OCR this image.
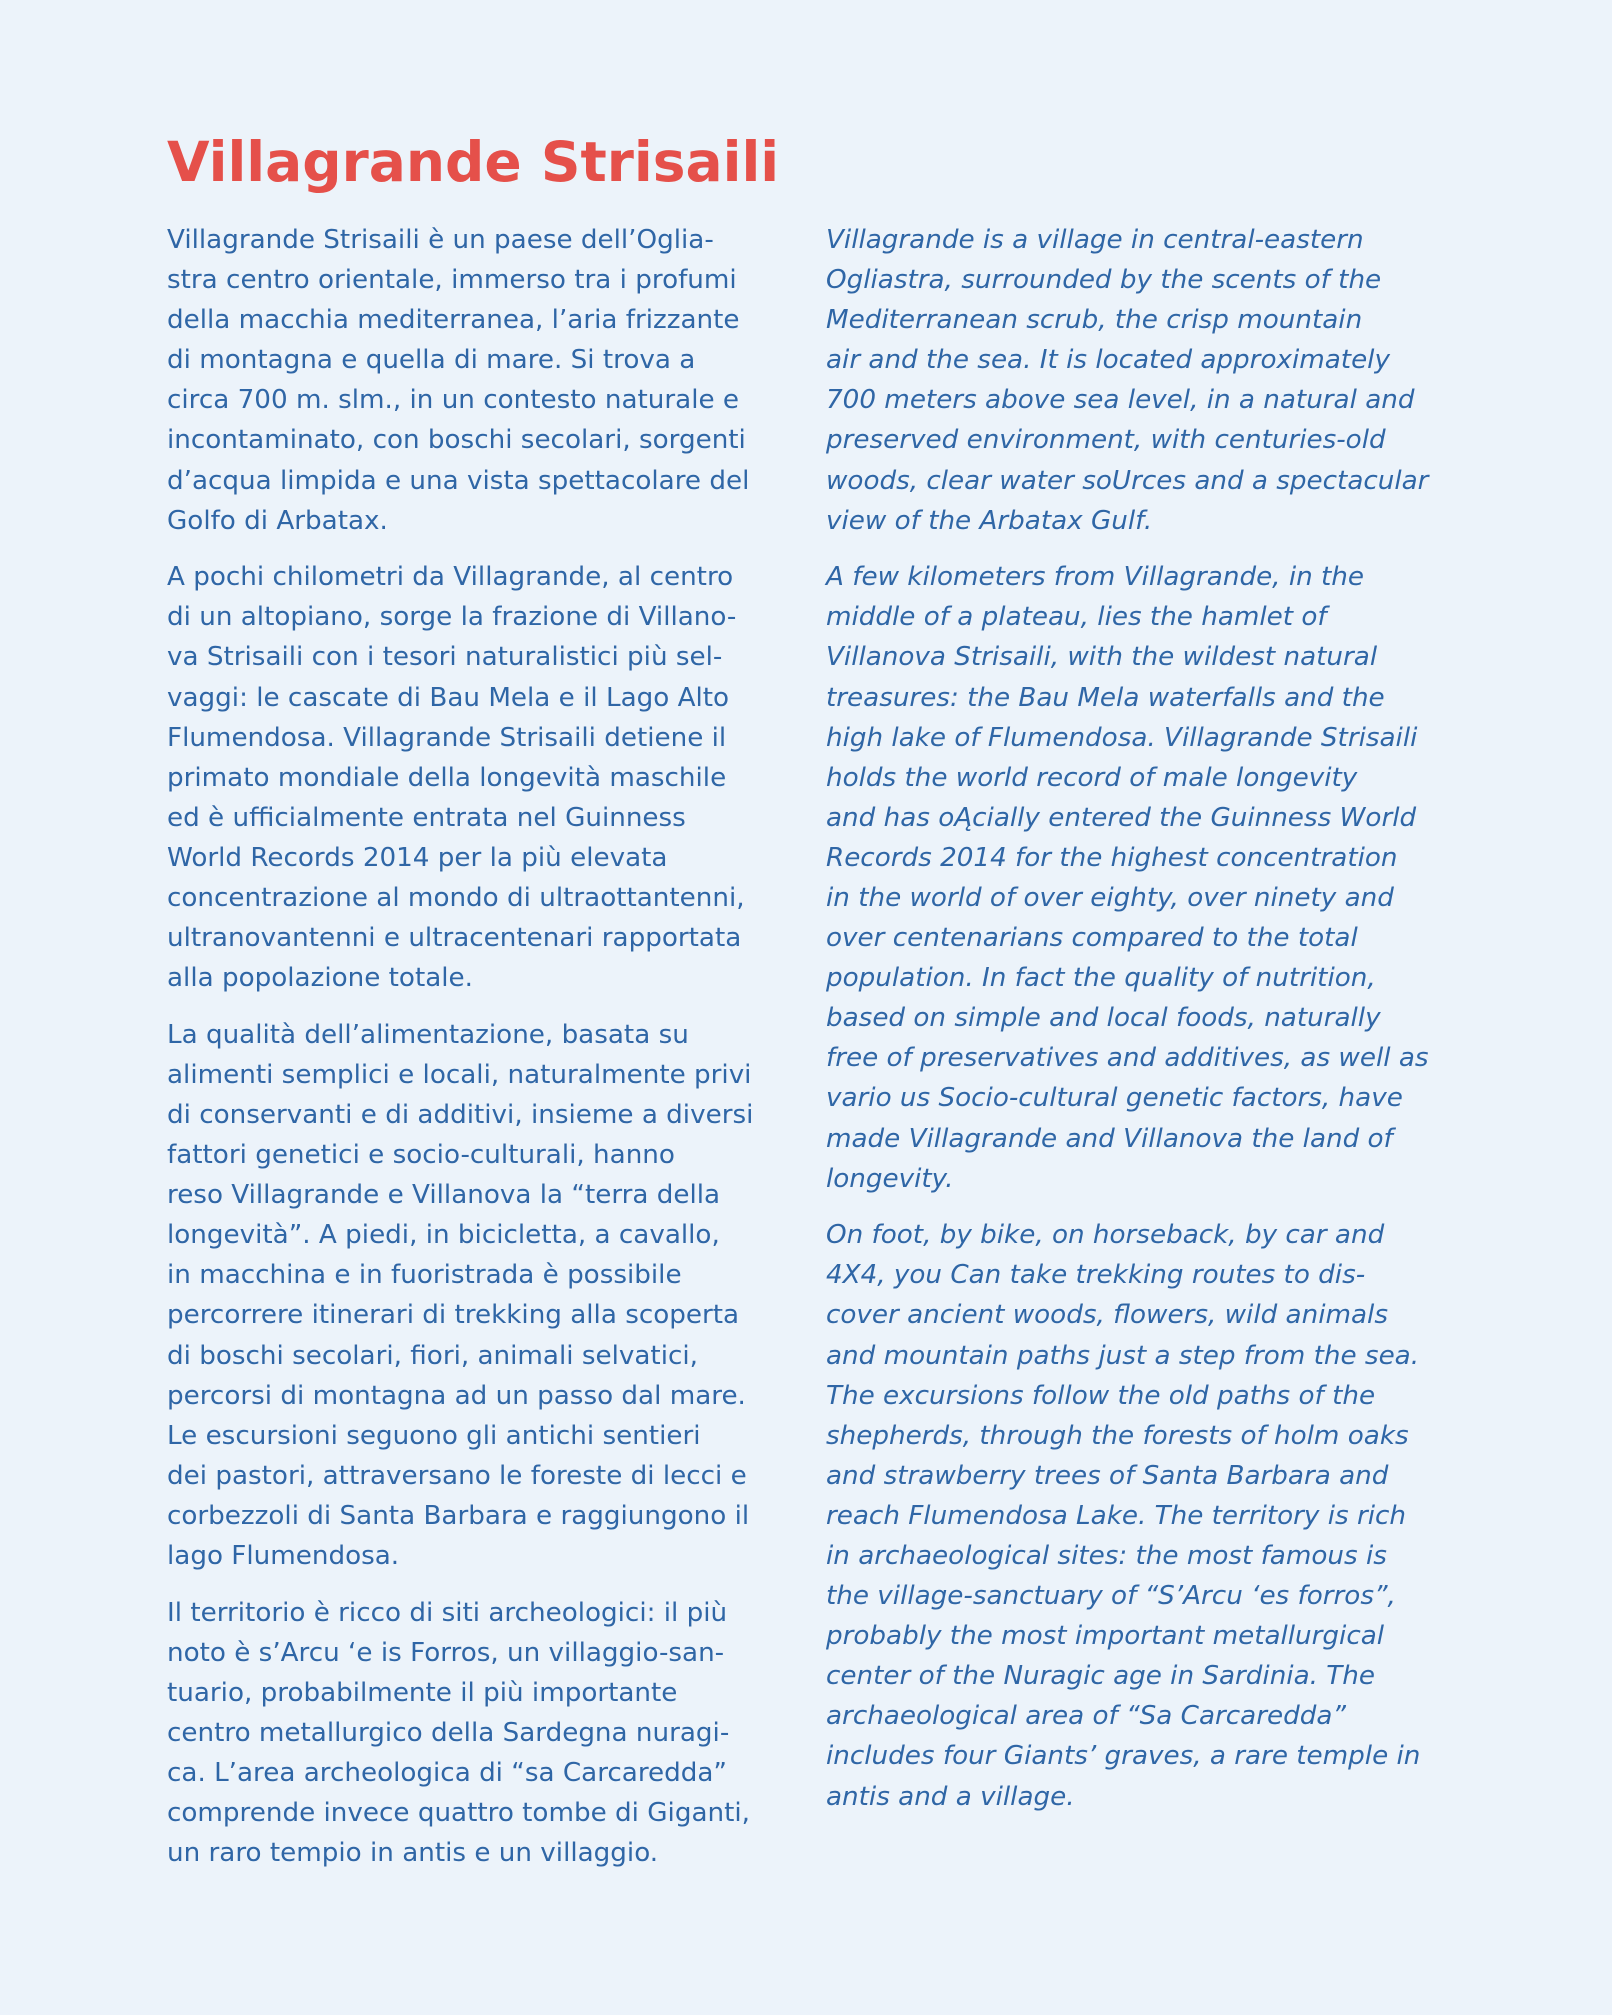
Villagrande Strisaili

Villagrande Strisaili è un paese dell’Oglia-
stra centro orientale, immerso tra i profumi
della macchia mediterranea, l’aria frizzante
di montagna e quella di mare. Si trova a
circa 700 m. slm., in un contesto naturale e
incontaminato, con boschi secolari, sorgenti
d’acqua limpida e una vista spettacolare del
Golfo di Arbatax.

A pochi chilometri da Villagrande, al centro
di un altopiano, sorge la frazione di Villano-
va Strisaili con i tesori naturalistici più sel-
vaggi: le cascate di Bau Mela e il Lago Alto
Flumendosa. Villagrande Strisaili detiene il
primato mondiale della longevità maschile
ed è ufficialmente entrata nel Guinness
World Records 2014 per la più elevata
concentrazione al mondo di ultraottantenni,
ultranovantenni e ultracentenari rapportata
alla popolazione totale.

La qualità dell’alimentazione, basata su
alimenti semplici e locali, naturalmente privi
di conservanti e di additivi, insieme a diversi
fattori genetici e socio-culturali, hanno
reso Villagrande e Villanova la “terra della
longevità”. A piedi, in bicicletta, a cavallo,
in macchina e in fuoristrada è possibile
percorrere itinerari di trekking alla scoperta
di boschi secolari, fiori, animali selvatici,
percorsi di montagna ad un passo dal mare.
Le escursioni seguono gli antichi sentieri
dei pastori, attraversano le foreste di lecci e
corbezzoli di Santa Barbara e raggiungono il
lago Flumendosa.

Il territorio è ricco di siti archeologici: il più
noto è s’Arcu ‘e is Forros, un villaggio-san-
tuario, probabilmente il più importante
centro metallurgico della Sardegna nuragi-
ca. L’area archeologica di “sa Carcaredda”
comprende invece quattro tombe di Giganti,
un raro tempio in antis e un villaggio.

Villagrande is a village in central-eastern
Ogliastra, surrounded by the scents of the
Mediterranean scrub, the crisp mountain
air and the sea. It is located approximately
700 meters above sea level, in a natural and
preserved environment, with centuries-old
woods, clear water soUrces and a spectacular
view of the Arbatax Gulf.

A few kilometers from Villagrande, in the
middle of a plateau, lies the hamlet of
Villanova Strisaili, with the wildest natural
treasures: the Bau Mela waterfalls and the
high lake of Flumendosa. Villagrande Strisaili
holds the world record of male longevity
and has oĄcially entered the Guinness World
Records 2014 for the highest concentration
in the world of over eighty, over ninety and
over centenarians compared to the total
population. In fact the quality of nutrition,
based on simple and local foods, naturally
free of preservatives and additives, as well as
vario us Socio-cultural genetic factors, have
made Villagrande and Villanova the land of
longevity.

On foot, by bike, on horseback, by car and
4X4, you Can take trekking routes to dis-
cover ancient woods, flowers, wild animals
and mountain paths just a step from the sea.
The excursions follow the old paths of the
shepherds, through the forests of holm oaks
and strawberry trees of Santa Barbara and
reach Flumendosa Lake. The territory is rich
in archaeological sites: the most famous is
the village-sanctuary of “S’Arcu ‘es forros”,
probably the most important metallurgical
center of the Nuragic age in Sardinia. The
archaeological area of “Sa Carcaredda”
includes four Giants’ graves, a rare temple in
antis and a village.
